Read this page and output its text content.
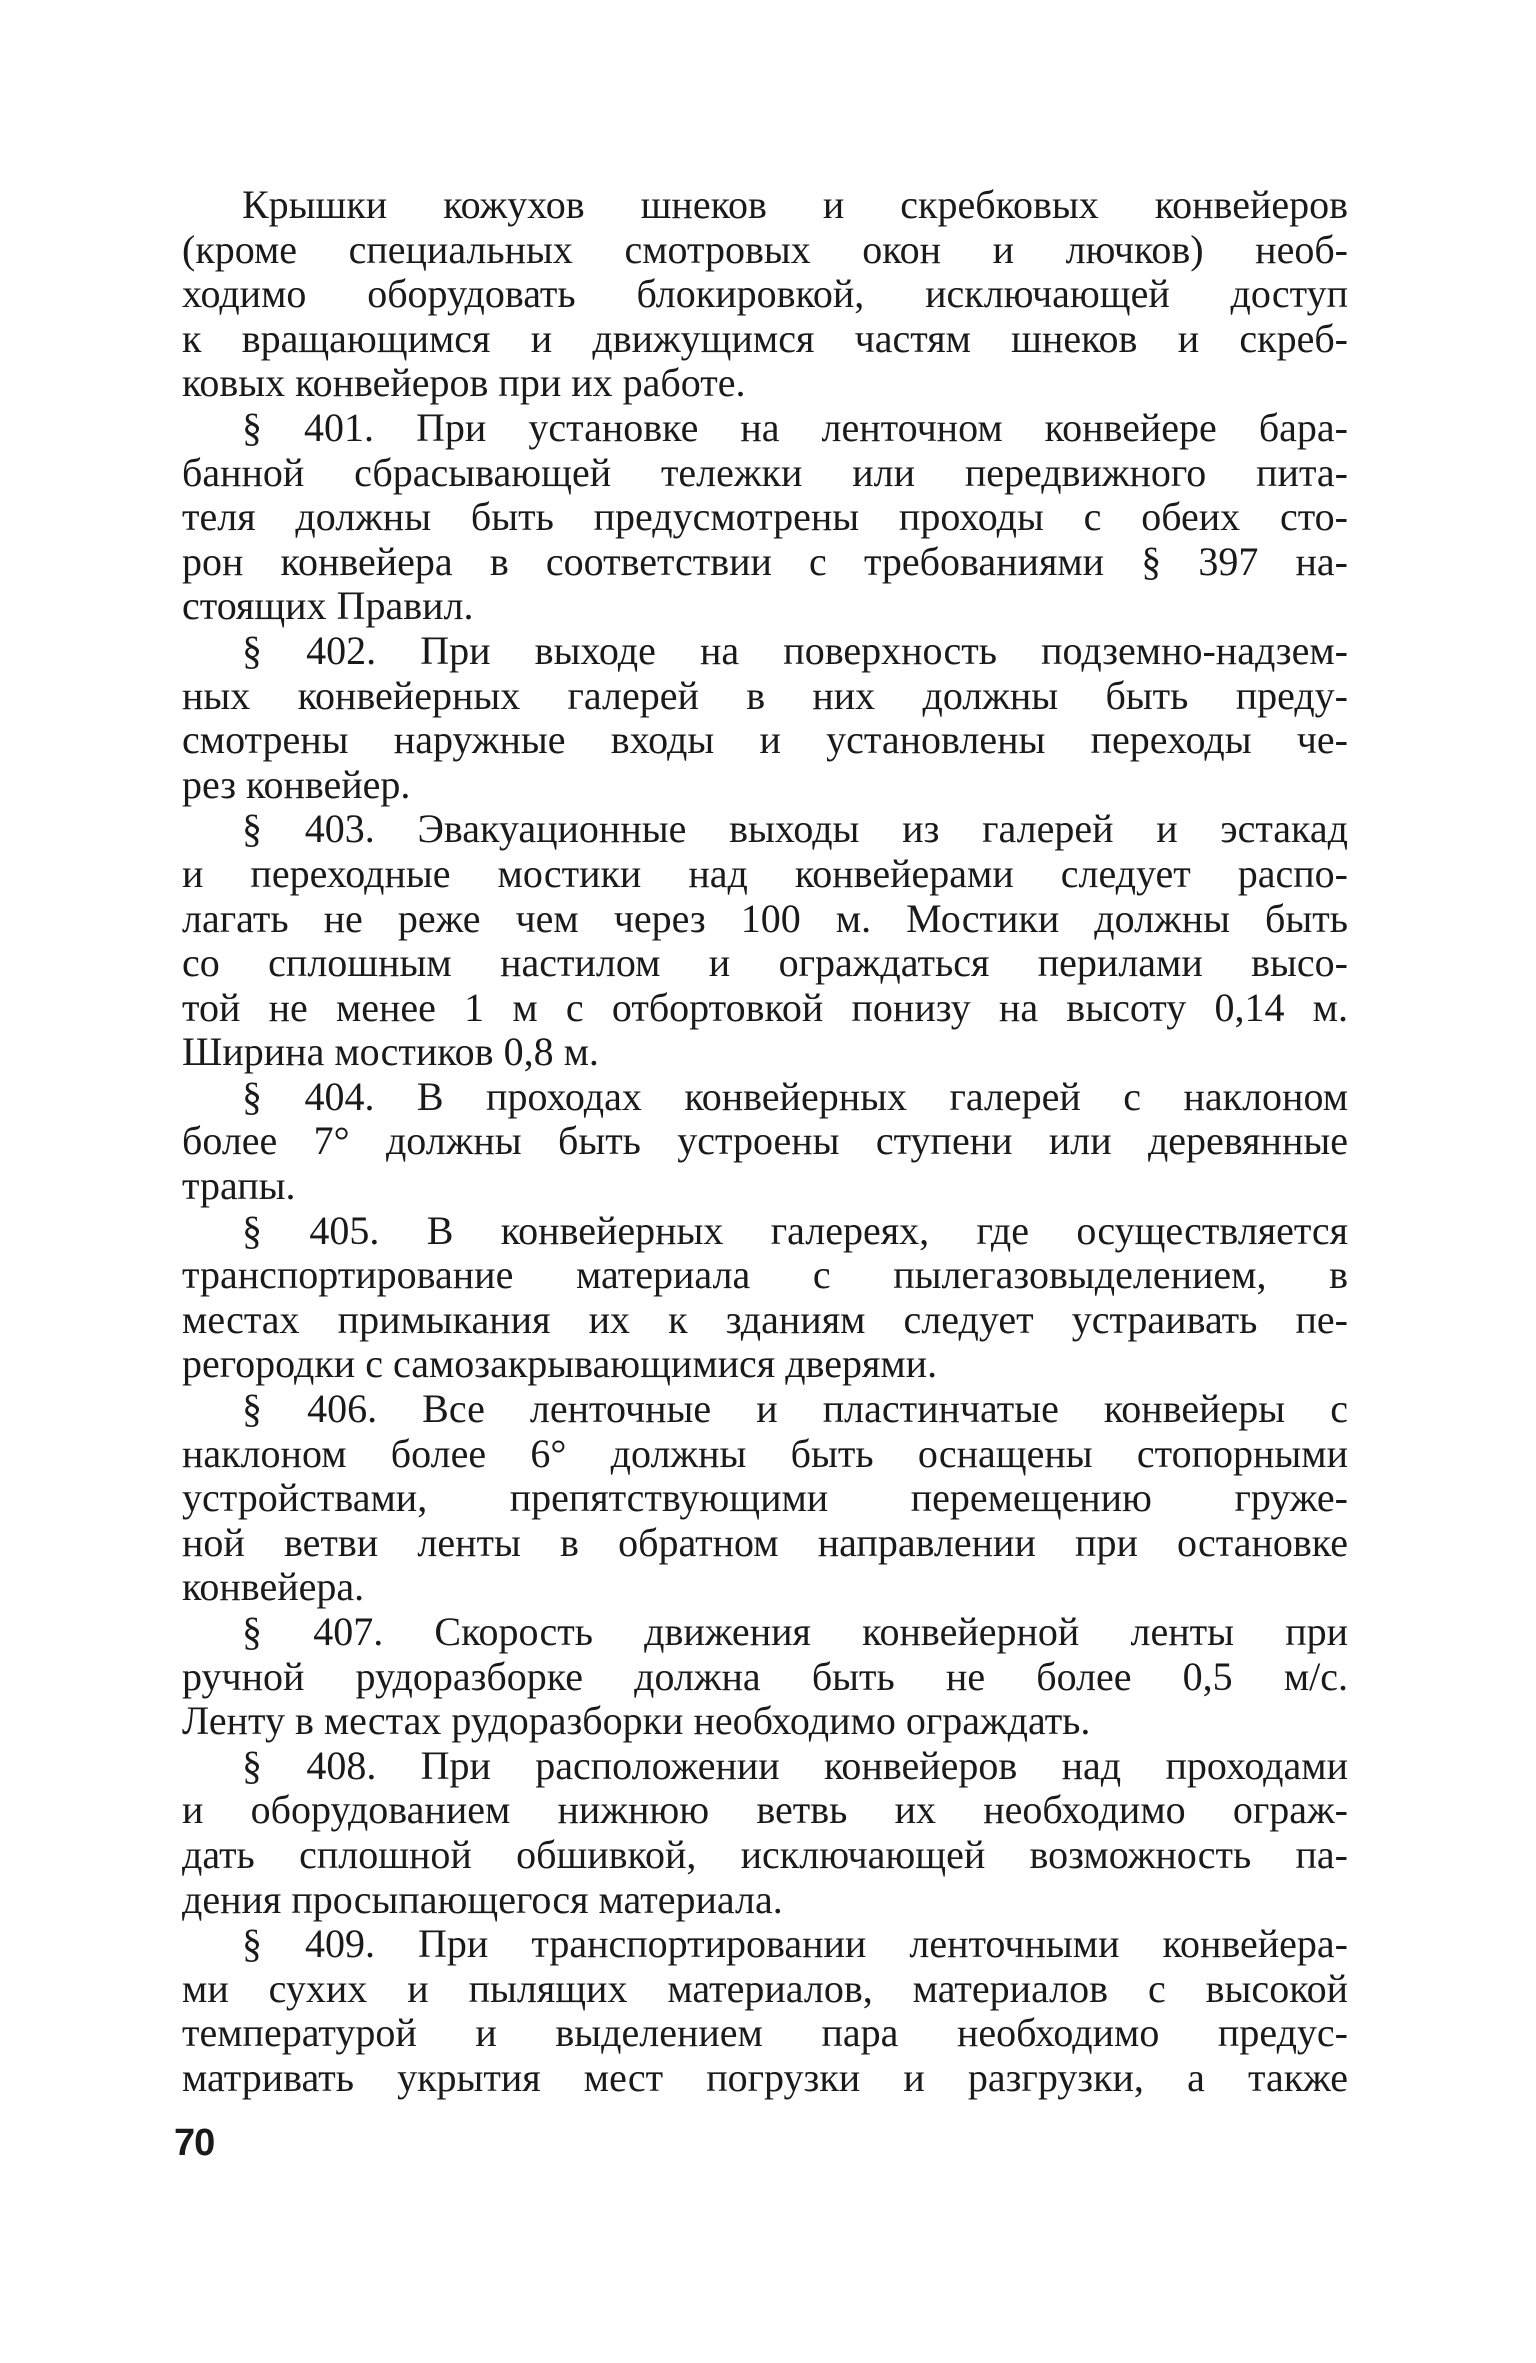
Крышки кожухов шнеков и скребковых конвейеров
(кроме специальных смотровых окон и лючков) необ-
ходимо оборудовать блокировкой, исключающей доступ
к вращающимся и движущимся частям шнеков и скреб-
ковых конвейеров при их работе.
§ 401. При установке на ленточном конвейере бара-
банной сбрасывающей тележки или передвижного пита-
теля должны быть предусмотрены проходы с обеих сто-
рон конвейера в соответствии с требованиями § 397 на-
стоящих Правил.
§ 402. При выходе на поверхность подземно-надзем-
ных конвейерных галерей в них должны быть преду-
смотрены наружные входы и установлены переходы че-
рез конвейер.
§ 403. Эвакуационные выходы из галерей и эстакад
и переходные мостики над конвейерами следует распо-
лагать не реже чем через 100 м. Мостики должны быть
со сплошным настилом и ограждаться перилами высо-
той не менее 1 м с отбортовкой понизу на высоту 0,14 м.
Ширина мостиков 0,8 м.
§ 404. В проходах конвейерных галерей с наклоном
более 7° должны быть устроены ступени или деревянные
трапы.
§ 405. В конвейерных галереях, где осуществляется
транспортирование материала с пылегазовыделением, в
местах примыкания их к зданиям следует устраивать пе-
регородки с самозакрывающимися дверями.
§ 406. Все ленточные и пластинчатые конвейеры с
наклоном более 6° должны быть оснащены стопорными
устройствами, препятствующими перемещению груже-
ной ветви ленты в обратном направлении при остановке
конвейера.
§ 407. Скорость движения конвейерной ленты при
ручной рудоразборке должна быть не более 0,5 м/с.
Ленту в местах рудоразборки необходимо ограждать.
§ 408. При расположении конвейеров над проходами
и оборудованием нижнюю ветвь их необходимо ограж-
дать сплошной обшивкой, исключающей возможность па-
дения просыпающегося материала.
§ 409. При транспортировании ленточными конвейера-
ми сухих и пылящих материалов, материалов с высокой
температурой и выделением пара необходимо предус-
матривать укрытия мест погрузки и разгрузки, а также
70
